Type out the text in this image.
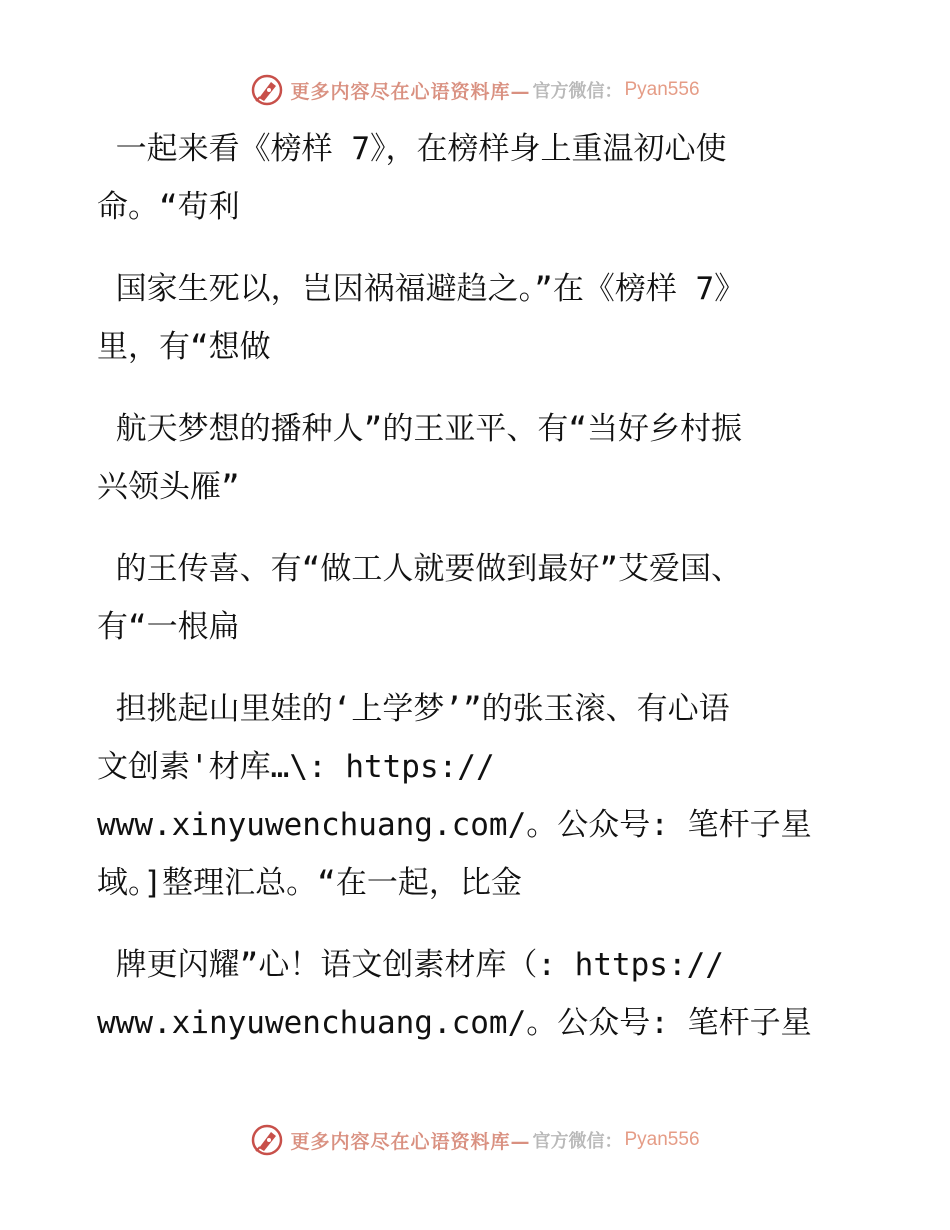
更多内容尽在心语资料库— 官方微信： Pyan556
一起来看《榜样 7》，在榜样身上重温初心使
命。“苟利
国家生死以，岂因祸福避趋之。”在《榜样 7》
里，有“想做
航天梦想的播种人”的王亚平、有“当好乡村振
兴领头雁”
的王传喜、有“做工人就要做到最好”艾爱国、
有“一根扁
担挑起山里娃的‘上学梦’”的张玉滚、有心语
文创素'材库…\: https://
www.xinyuwenchuang.com/。公众号: 笔杆子星
域。]整理汇总。“在一起，比金
牌更闪耀”心！语文创素材库（: https://
www.xinyuwenchuang.com/。公众号: 笔杆子星
更多内容尽在心语资料库— 官方微信： Pyan556
